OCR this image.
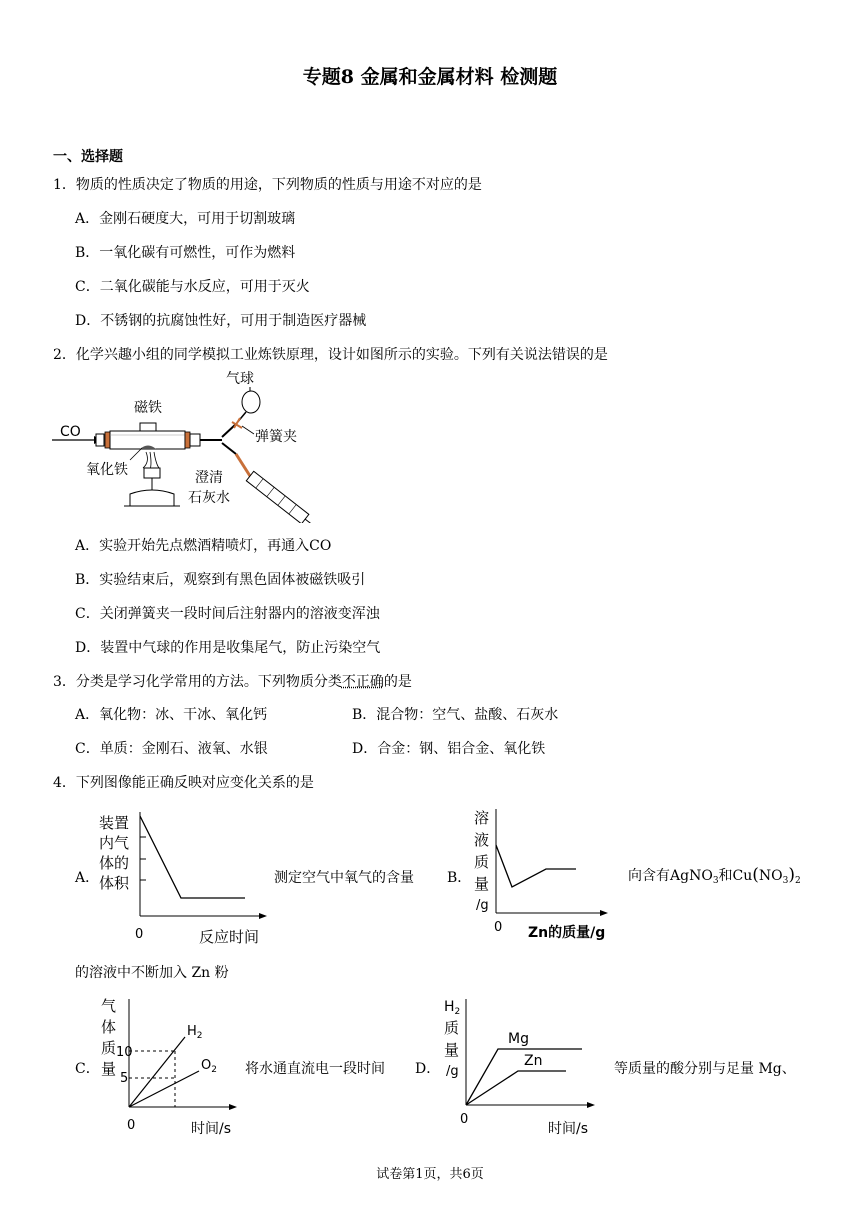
专题8 金属和金属材料 检测题
一、选择题
1．物质的性质决定了物质的用途，下列物质的性质与用途不对应的是
A．金刚石硬度大，可用于切割玻璃
B．一氧化碳有可燃性，可作为燃料
C．二氧化碳能与水反应，可用于灭火
D．不锈钢的抗腐蚀性好，可用于制造医疗器械
2．化学兴趣小组的同学模拟工业炼铁原理，设计如图所示的实验。下列有关说法错误的是
CO
磁铁
氧化铁
气球
弹簧夹
澄清
石灰水
A．实验开始先点燃酒精喷灯，再通入CO
B．实验结束后，观察到有黑色固体被磁铁吸引
C．关闭弹簧夹一段时间后注射器内的溶液变浑浊
D．装置中气球的作用是收集尾气，防止污染空气
3．分类是学习化学常用的方法。下列物质分类不正确的是
A．氧化物：冰、干冰、氧化钙	B．混合物：空气、盐酸、石灰水
C．单质：金刚石、液氧、水银	D．合金：钢、铝合金、氧化铁
4．下列图像能正确反映对应变化关系的是
A．
装置
内气
体的
体积
0	反应时间
测定空气中氧气的含量 B．
溶
液
质
量
/g
0 Zn的质量/g
向含有AgNO$_3$和$Cu(NO_3)_2$
的溶液中不断加入 Zn 粉
C．
气
体
质
量
10
5
$H_2$
$O_2$
0	时间/s
将水通直流电一段时间 D．
$H_2$
质
量
/g
Mg
Zn
0
时间/s
等质量的酸分别与足量 Mg、
试卷第1页，共6页
